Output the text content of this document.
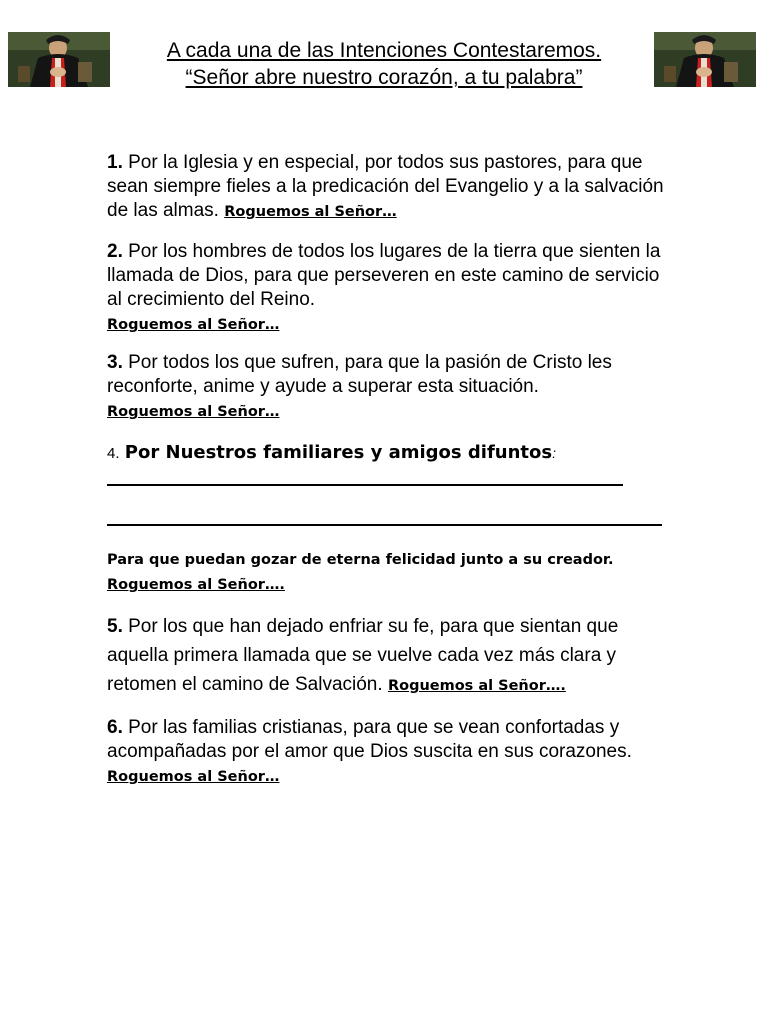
A cada una de las Intenciones Contestaremos.
“Señor abre nuestro corazón, a tu palabra”
1. Por la Iglesia y en especial, por todos sus pastores, para que sean siempre fieles a la predicación del Evangelio y a la salvación de las almas. Roguemos al Señor…
2. Por los hombres de todos los lugares de la tierra que sienten la llamada de Dios, para que perseveren en este camino de servicio al crecimiento del Reino.
Roguemos al Señor…
3. Por todos los que sufren, para que la pasión de Cristo les reconforte, anime y ayude a superar esta situación.
Roguemos al Señor…
4. Por Nuestros familiares y amigos difuntos:
Para que puedan gozar de eterna felicidad junto a su creador.
Roguemos al Señor….
5. Por los que han dejado enfriar su fe, para que sientan que aquella primera llamada que se vuelve cada vez más clara y retomen el camino de Salvación. Roguemos al Señor….
6. Por las familias cristianas, para que se vean confortadas y acompañadas por el amor que Dios suscita en sus corazones. Roguemos al Señor…
